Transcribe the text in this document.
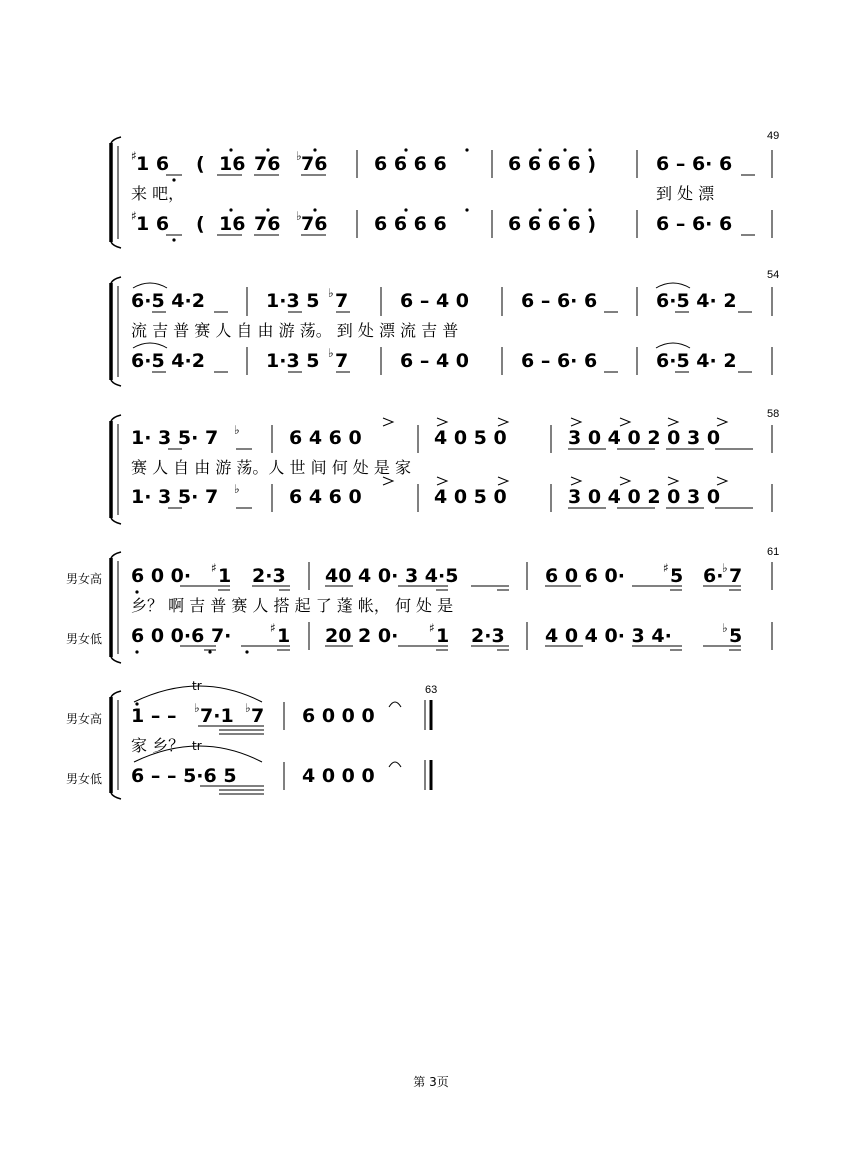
49
54
58
61
63
男女高
男女低
男女高
男女低
1 6
♯	( 16 76 ♭ 76 6 6 6 6	6 6 6 6 )	6 – 6· 6
来 吧，	到 处 漂
1 6
♯	( 16 76 ♭ 76 6 6 6 6	6 6 6 6 )	6 – 6· 6
6·5 4·2	1·3 5 ♭ 7	6 – 4 0	6 – 6· 6	6·5 4· 2
流 吉 普 赛 人 自 由 游 荡。 到 处 漂 流 吉 普
6·5 4·2	1·3 5 ♭ 7	6 – 4 0	6 – 6· 6	6·5 4· 2
1· 3 5· 7 ♭	6 4 6 0	4 0 5 0	3 0 4 0 2 0 3 0
赛 人 自 由 游 荡。人 世 间 何 处 是 家
1· 3 5· 7 ♭	6 4 6 0	4 0 5 0	3 0 4 0 2 0 3 0
6 0 0· ♯ 1 2·3 40 4 0· 3 4·5	6 0 6 0·	♯ 5 6·
♭ 7
乡？ 啊 吉 普 赛 人 搭 起 了 蓬 帐， 何 处 是
6 0 0·6 7·	♯ 1 20 2 0·	♯ 1 2·3 4 0 4 0· 3 4·	♭ 5
1 – – ♭ 7·1 ♭ 7
tr
6 0 0 0
家 乡？
6 – – 5·6 5
tr
4 0 0 0
第 3页
